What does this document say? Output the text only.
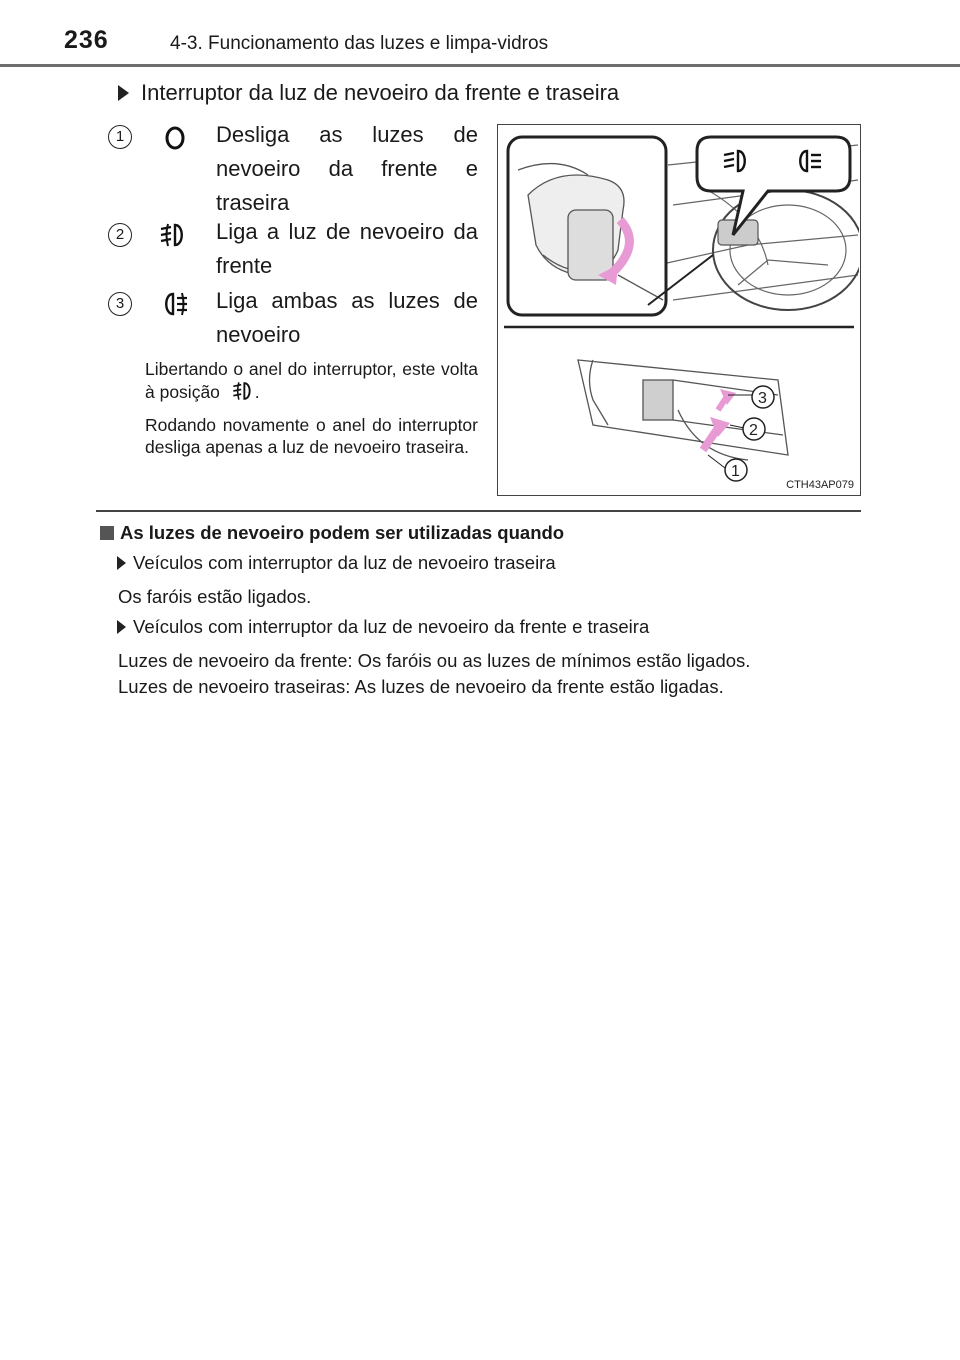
236	4-3. Funcionamento das luzes e limpa-vidros
Interruptor da luz de nevoeiro da frente e traseira
1	Desliga as luzes de nevoeiro da frente e traseira
2	Liga a luz de nevoeiro da frente
3	Liga ambas as luzes de nevoeiro
Libertando o anel do interruptor, este volta à posição .
Rodando novamente o anel do interruptor desliga apenas a luz de nevoeiro traseira.
3
2
1
CTH43AP079
As luzes de nevoeiro podem ser utilizadas quando
Veículos com interruptor da luz de nevoeiro traseira
Os faróis estão ligados.
Veículos com interruptor da luz de nevoeiro da frente e traseira
Luzes de nevoeiro da frente: Os faróis ou as luzes de mínimos estão ligados.
Luzes de nevoeiro traseiras: As luzes de nevoeiro da frente estão ligadas.
